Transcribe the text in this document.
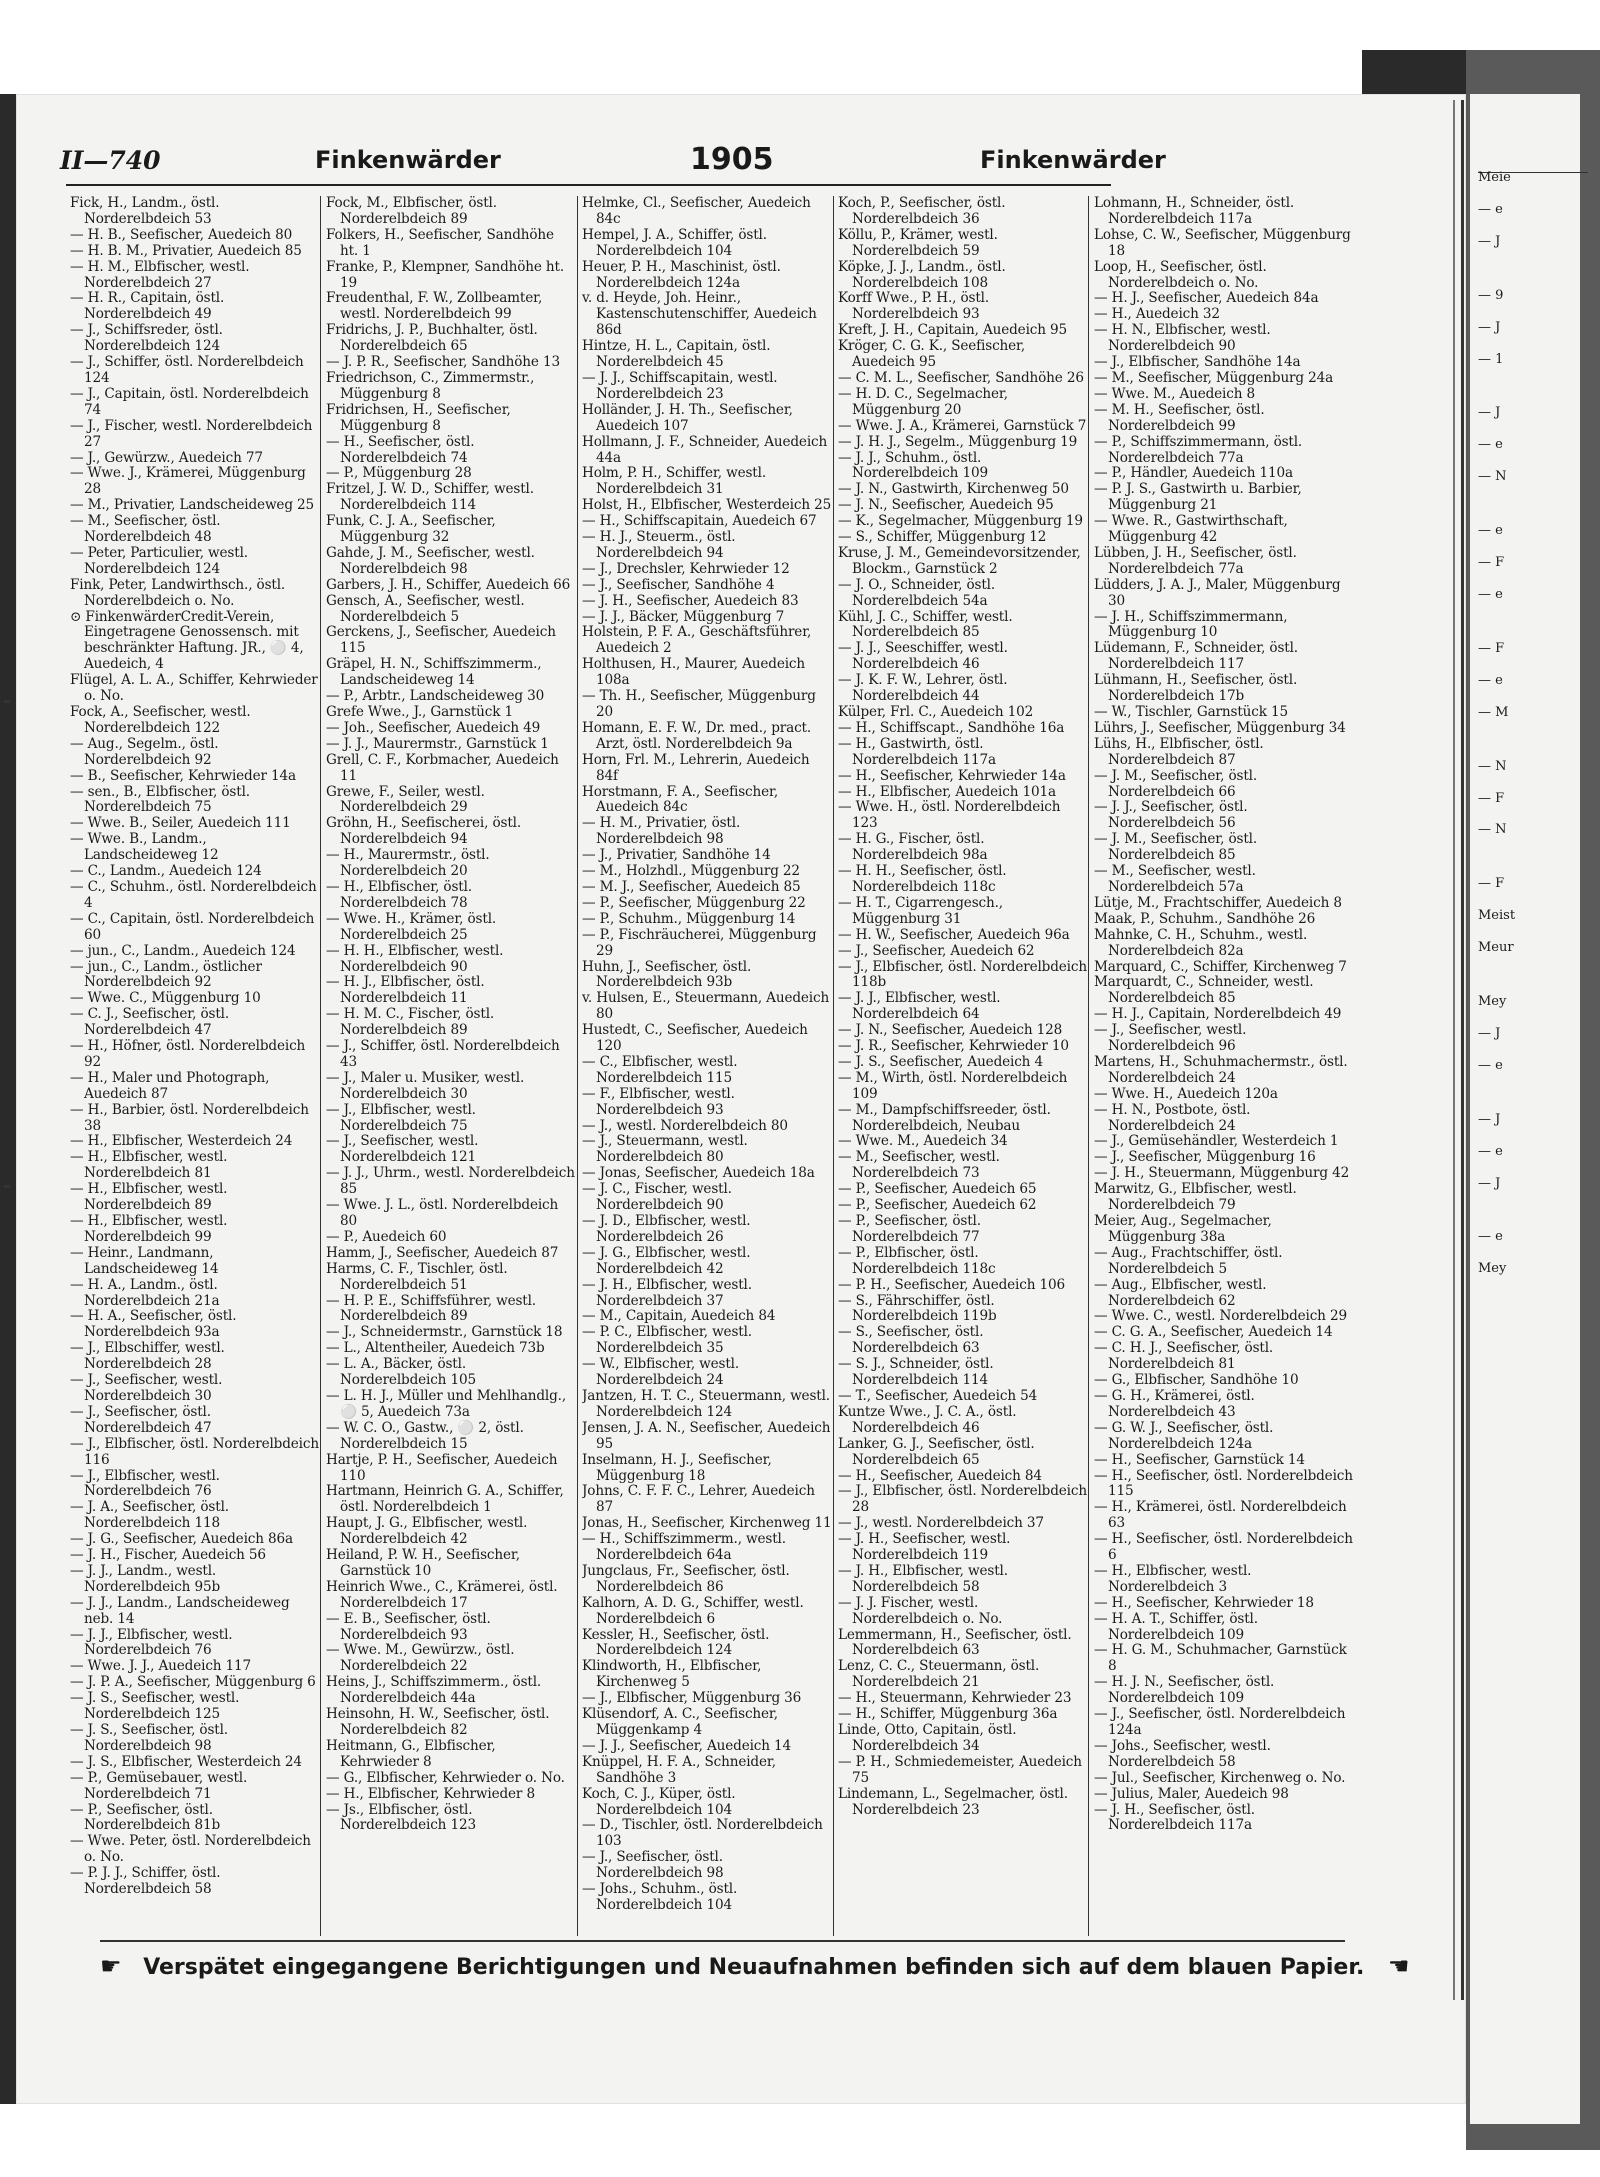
II—740	Finkenwärder	1905	Finkenwärder

Fick, H., Landm., östl. Norderelbdeich 53

— H. B., Seefischer, Auedeich 80

— H. B. M., Privatier, Auedeich 85

— H. M., Elbfischer, westl. Norderelbdeich 27

— H. R., Capitain, östl. Norderelbdeich 49

— J., Schiffsreder, östl. Norderelbdeich 124

— J., Schiffer, östl. Norderelbdeich 124

— J., Capitain, östl. Norderelbdeich 74

— J., Fischer, westl. Norderelbdeich 27

— J., Gewürzw., Auedeich 77

— Wwe. J., Krämerei, Müggenburg 28

— M., Privatier, Landscheideweg 25

— M., Seefischer, östl. Norderelbdeich 48

— Peter, Particulier, westl. Norderelbdeich 124

Fink, Peter, Landwirthsch., östl. Norderelbdeich o. No.

⊙ FinkenwärderCredit-Verein, Eingetragene Genossensch. mit beschränkter Haftung. JR., ⚪ 4, Auedeich, 4

Flügel, A. L. A., Schiffer, Kehrwieder o. No.

Fock, A., Seefischer, westl. Norderelbdeich 122

— Aug., Segelm., östl. Norderelbdeich 92

— B., Seefischer, Kehrwieder 14a

— sen., B., Elbfischer, östl. Norderelbdeich 75

— Wwe. B., Seiler, Auedeich 111

— Wwe. B., Landm., Landscheideweg 12

— C., Landm., Auedeich 124

— C., Schuhm., östl. Norderelbdeich 4

— C., Capitain, östl. Norderelbdeich 60

— jun., C., Landm., Auedeich 124

— jun., C., Landm., östlicher Norderelbdeich 92

— Wwe. C., Müggenburg 10

— C. J., Seefischer, östl. Norderelbdeich 47

— H., Höfner, östl. Norderelbdeich 92

— H., Maler und Photograph, Auedeich 87

— H., Barbier, östl. Norderelbdeich 38

— H., Elbfischer, Westerdeich 24

— H., Elbfischer, westl. Norderelbdeich 81

— H., Elbfischer, westl. Norderelbdeich 89

— H., Elbfischer, westl. Norderelbdeich 99

— Heinr., Landmann, Landscheideweg 14

— H. A., Landm., östl. Norderelbdeich 21a

— H. A., Seefischer, östl. Norderelbdeich 93a

— J., Elbschiffer, westl. Norderelbdeich 28

— J., Seefischer, westl. Norderelbdeich 30

— J., Seefischer, östl. Norderelbdeich 47

— J., Elbfischer, östl. Norderelbdeich 116

— J., Elbfischer, westl. Norderelbdeich 76

— J. A., Seefischer, östl. Norderelbdeich 118

— J. G., Seefischer, Auedeich 86a

— J. H., Fischer, Auedeich 56

— J. J., Landm., westl. Norderelbdeich 95b

— J. J., Landm., Landscheideweg neb. 14

— J. J., Elbfischer, westl. Norderelbdeich 76

— Wwe. J. J., Auedeich 117

— J. P. A., Seefischer, Müggenburg 6

— J. S., Seefischer, westl. Norderelbdeich 125

— J. S., Seefischer, östl. Norderelbdeich 98

— J. S., Elbfischer, Westerdeich 24

— P., Gemüsebauer, westl. Norderelbdeich 71

— P., Seefischer, östl. Norderelbdeich 81b

— Wwe. Peter, östl. Norderelbdeich o. No.

— P. J. J., Schiffer, östl. Norderelbdeich 58

Fock, M., Elbfischer, östl. Norderelbdeich 89

Folkers, H., Seefischer, Sandhöhe ht. 1

Franke, P., Klempner, Sandhöhe ht. 19

Freudenthal, F. W., Zollbeamter, westl. Norderelbdeich 99

Fridrichs, J. P., Buchhalter, östl. Norderelbdeich 65

— J. P. R., Seefischer, Sandhöhe 13

Friedrichson, C., Zimmermstr., Müggenburg 8

Fridrichsen, H., Seefischer, Müggenburg 8

— H., Seefischer, östl. Norderelbdeich 74

— P., Müggenburg 28

Fritzel, J. W. D., Schiffer, westl. Norderelbdeich 114

Funk, C. J. A., Seefischer, Müggenburg 32

Gahde, J. M., Seefischer, westl. Norderelbdeich 98

Garbers, J. H., Schiffer, Auedeich 66

Gensch, A., Seefischer, westl. Norderelbdeich 5

Gerckens, J., Seefischer, Auedeich 115

Gräpel, H. N., Schiffszimmerm., Landscheideweg 14

— P., Arbtr., Landscheideweg 30

Grefe Wwe., J., Garnstück 1

— Joh., Seefischer, Auedeich 49

— J. J., Maurermstr., Garnstück 1

Grell, C. F., Korbmacher, Auedeich 11

Grewe, F., Seiler, westl. Norderelbdeich 29

Gröhn, H., Seefischerei, östl. Norderelbdeich 94

— H., Maurermstr., östl. Norderelbdeich 20

— H., Elbfischer, östl. Norderelbdeich 78

— Wwe. H., Krämer, östl. Norderelbdeich 25

— H. H., Elbfischer, westl. Norderelbdeich 90

— H. J., Elbfischer, östl. Norderelbdeich 11

— H. M. C., Fischer, östl. Norderelbdeich 89

— J., Schiffer, östl. Norderelbdeich 43

— J., Maler u. Musiker, westl. Norderelbdeich 30

— J., Elbfischer, westl. Norderelbdeich 75

— J., Seefischer, westl. Norderelbdeich 121

— J. J., Uhrm., westl. Norderelbdeich 85

— Wwe. J. L., östl. Norderelbdeich 80

— P., Auedeich 60

Hamm, J., Seefischer, Auedeich 87

Harms, C. F., Tischler, östl. Norderelbdeich 51

— H. P. E., Schiffsführer, westl. Norderelbdeich 89

— J., Schneidermstr., Garnstück 18

— L., Altentheiler, Auedeich 73b

— L. A., Bäcker, östl. Norderelbdeich 105

— L. H. J., Müller und Mehlhandlg., ⚪ 5, Auedeich 73a

— W. C. O., Gastw., ⚪ 2, östl. Norderelbdeich 15

Hartje, P. H., Seefischer, Auedeich 110

Hartmann, Heinrich G. A., Schiffer, östl. Norderelbdeich 1

Haupt, J. G., Elbfischer, westl. Norderelbdeich 42

Heiland, P. W. H., Seefischer, Garnstück 10

Heinrich Wwe., C., Krämerei, östl. Norderelbdeich 17

— E. B., Seefischer, östl. Norderelbdeich 93

— Wwe. M., Gewürzw., östl. Norderelbdeich 22

Heins, J., Schiffszimmerm., östl. Norderelbdeich 44a

Heinsohn, H. W., Seefischer, östl. Norderelbdeich 82

Heitmann, G., Elbfischer, Kehrwieder 8

— G., Elbfischer, Kehrwieder o. No.

— H., Elbfischer, Kehrwieder 8

— Js., Elbfischer, östl. Norderelbdeich 123

Helmke, Cl., Seefischer, Auedeich 84c

Hempel, J. A., Schiffer, östl. Norderelbdeich 104

Heuer, P. H., Maschinist, östl. Norderelbdeich 124a

v. d. Heyde, Joh. Heinr., Kastenschutenschiffer, Auedeich 86d

Hintze, H. L., Capitain, östl. Norderelbdeich 45

— J. J., Schiffscapitain, westl. Norderelbdeich 23

Holländer, J. H. Th., Seefischer, Auedeich 107

Hollmann, J. F., Schneider, Auedeich 44a

Holm, P. H., Schiffer, westl. Norderelbdeich 31

Holst, H., Elbfischer, Westerdeich 25

— H., Schiffscapitain, Auedeich 67

— H. J., Steuerm., östl. Norderelbdeich 94

— J., Drechsler, Kehrwieder 12

— J., Seefischer, Sandhöhe 4

— J. H., Seefischer, Auedeich 83

— J. J., Bäcker, Müggenburg 7

Holstein, P. F. A., Geschäftsführer, Auedeich 2

Holthusen, H., Maurer, Auedeich 108a

— Th. H., Seefischer, Müggenburg 20

Homann, E. F. W., Dr. med., pract. Arzt, östl. Norderelbdeich 9a

Horn, Frl. M., Lehrerin, Auedeich 84f

Horstmann, F. A., Seefischer, Auedeich 84c

— H. M., Privatier, östl. Norderelbdeich 98

— J., Privatier, Sandhöhe 14

— M., Holzhdl., Müggenburg 22

— M. J., Seefischer, Auedeich 85

— P., Seefischer, Müggenburg 22

— P., Schuhm., Müggenburg 14

— P., Fischräucherei, Müggenburg 29

Huhn, J., Seefischer, östl. Norderelbdeich 93b

v. Hulsen, E., Steuermann, Auedeich 80

Hustedt, C., Seefischer, Auedeich 120

— C., Elbfischer, westl. Norderelbdeich 115

— F., Elbfischer, westl. Norderelbdeich 93

— J., westl. Norderelbdeich 80

— J., Steuermann, westl. Norderelbdeich 80

— Jonas, Seefischer, Auedeich 18a

— J. C., Fischer, westl. Norderelbdeich 90

— J. D., Elbfischer, westl. Norderelbdeich 26

— J. G., Elbfischer, westl. Norderelbdeich 42

— J. H., Elbfischer, westl. Norderelbdeich 37

— M., Capitain, Auedeich 84

— P. C., Elbfischer, westl. Norderelbdeich 35

— W., Elbfischer, westl. Norderelbdeich 24

Jantzen, H. T. C., Steuermann, westl. Norderelbdeich 124

Jensen, J. A. N., Seefischer, Auedeich 95

Inselmann, H. J., Seefischer, Müggenburg 18

Johns, C. F. F. C., Lehrer, Auedeich 87

Jonas, H., Seefischer, Kirchenweg 11

— H., Schiffszimmerm., westl. Norderelbdeich 64a

Jungclaus, Fr., Seefischer, östl. Norderelbdeich 86

Kalhorn, A. D. G., Schiffer, westl. Norderelbdeich 6

Kessler, H., Seefischer, östl. Norderelbdeich 124

Klindworth, H., Elbfischer, Kirchenweg 5

— J., Elbfischer, Müggenburg 36

Klüsendorf, A. C., Seefischer, Müggenkamp 4

— J. J., Seefischer, Auedeich 14

Knüppel, H. F. A., Schneider, Sandhöhe 3

Koch, C. J., Küper, östl. Norderelbdeich 104

— D., Tischler, östl. Norderelbdeich 103

— J., Seefischer, östl. Norderelbdeich 98

— Johs., Schuhm., östl. Norderelbdeich 104

Koch, P., Seefischer, östl. Norderelbdeich 36

Köllu, P., Krämer, westl. Norderelbdeich 59

Köpke, J. J., Landm., östl. Norderelbdeich 108

Korff Wwe., P. H., östl. Norderelbdeich 93

Kreft, J. H., Capitain, Auedeich 95

Kröger, C. G. K., Seefischer, Auedeich 95

— C. M. L., Seefischer, Sandhöhe 26

— H. D. C., Segelmacher, Müggenburg 20

— Wwe. J. A., Krämerei, Garnstück 7

— J. H. J., Segelm., Müggenburg 19

— J. J., Schuhm., östl. Norderelbdeich 109

— J. N., Gastwirth, Kirchenweg 50

— J. N., Seefischer, Auedeich 95

— K., Segelmacher, Müggenburg 19

— S., Schiffer, Müggenburg 12

Kruse, J. M., Gemeindevorsitzender, Blockm., Garnstück 2

— J. O., Schneider, östl. Norderelbdeich 54a

Kühl, J. C., Schiffer, westl. Norderelbdeich 85

— J. J., Seeschiffer, westl. Norderelbdeich 46

— J. K. F. W., Lehrer, östl. Norderelbdeich 44

Külper, Frl. C., Auedeich 102

— H., Schiffscapt., Sandhöhe 16a

— H., Gastwirth, östl. Norderelbdeich 117a

— H., Seefischer, Kehrwieder 14a

— H., Elbfischer, Auedeich 101a

— Wwe. H., östl. Norderelbdeich 123

— H. G., Fischer, östl. Norderelbdeich 98a

— H. H., Seefischer, östl. Norderelbdeich 118c

— H. T., Cigarrengesch., Müggenburg 31

— H. W., Seefischer, Auedeich 96a

— J., Seefischer, Auedeich 62

— J., Elbfischer, östl. Norderelbdeich 118b

— J. J., Elbfischer, westl. Norderelbdeich 64

— J. N., Seefischer, Auedeich 128

— J. R., Seefischer, Kehrwieder 10

— J. S., Seefischer, Auedeich 4

— M., Wirth, östl. Norderelbdeich 109

— M., Dampfschiffsreeder, östl. Norderelbdeich, Neubau

— Wwe. M., Auedeich 34

— M., Seefischer, westl. Norderelbdeich 73

— P., Seefischer, Auedeich 65

— P., Seefischer, Auedeich 62

— P., Seefischer, östl. Norderelbdeich 77

— P., Elbfischer, östl. Norderelbdeich 118c

— P. H., Seefischer, Auedeich 106

— S., Fährschiffer, östl. Norderelbdeich 119b

— S., Seefischer, östl. Norderelbdeich 63

— S. J., Schneider, östl. Norderelbdeich 114

— T., Seefischer, Auedeich 54

Kuntze Wwe., J. C. A., östl. Norderelbdeich 46

Lanker, G. J., Seefischer, östl. Norderelbdeich 65

— H., Seefischer, Auedeich 84

— J., Elbfischer, östl. Norderelbdeich 28

— J., westl. Norderelbdeich 37

— J. H., Seefischer, westl. Norderelbdeich 119

— J. H., Elbfischer, westl. Norderelbdeich 58

— J. J. Fischer, westl. Norderelbdeich o. No.

Lemmermann, H., Seefischer, östl. Norderelbdeich 63

Lenz, C. C., Steuermann, östl. Norderelbdeich 21

— H., Steuermann, Kehrwieder 23

— H., Schiffer, Müggenburg 36a

Linde, Otto, Capitain, östl. Norderelbdeich 34

— P. H., Schmiedemeister, Auedeich 75

Lindemann, L., Segelmacher, östl. Norderelbdeich 23

Lohmann, H., Schneider, östl. Norderelbdeich 117a

Lohse, C. W., Seefischer, Müggenburg 18

Loop, H., Seefischer, östl. Norderelbdeich o. No.

— H. J., Seefischer, Auedeich 84a

— H., Auedeich 32

— H. N., Elbfischer, westl. Norderelbdeich 90

— J., Elbfischer, Sandhöhe 14a

— M., Seefischer, Müggenburg 24a

— Wwe. M., Auedeich 8

— M. H., Seefischer, östl. Norderelbdeich 99

— P., Schiffszimmermann, östl. Norderelbdeich 77a

— P., Händler, Auedeich 110a

— P. J. S., Gastwirth u. Barbier, Müggenburg 21

— Wwe. R., Gastwirthschaft, Müggenburg 42

Lübben, J. H., Seefischer, östl. Norderelbdeich 77a

Lüdders, J. A. J., Maler, Müggenburg 30

— J. H., Schiffszimmermann, Müggenburg 10

Lüdemann, F., Schneider, östl. Norderelbdeich 117

Lühmann, H., Seefischer, östl. Norderelbdeich 17b

— W., Tischler, Garnstück 15

Lührs, J., Seefischer, Müggenburg 34

Lühs, H., Elbfischer, östl. Norderelbdeich 87

— J. M., Seefischer, östl. Norderelbdeich 66

— J. J., Seefischer, östl. Norderelbdeich 56

— J. M., Seefischer, östl. Norderelbdeich 85

— M., Seefischer, westl. Norderelbdeich 57a

Lütje, M., Frachtschiffer, Auedeich 8

Maak, P., Schuhm., Sandhöhe 26

Mahnke, C. H., Schuhm., westl. Norderelbdeich 82a

Marquard, C., Schiffer, Kirchenweg 7

Marquardt, C., Schneider, westl. Norderelbdeich 85

— H. J., Capitain, Norderelbdeich 49

— J., Seefischer, westl. Norderelbdeich 96

Martens, H., Schuhmachermstr., östl. Norderelbdeich 24

— Wwe. H., Auedeich 120a

— H. N., Postbote, östl. Norderelbdeich 24

— J., Gemüsehändler, Westerdeich 1

— J., Seefischer, Müggenburg 16

— J. H., Steuermann, Müggenburg 42

Marwitz, G., Elbfischer, westl. Norderelbdeich 79

Meier, Aug., Segelmacher, Müggenburg 38a

— Aug., Frachtschiffer, östl. Norderelbdeich 5

— Aug., Elbfischer, westl. Norderelbdeich 62

— Wwe. C., westl. Norderelbdeich 29

— C. G. A., Seefischer, Auedeich 14

— C. H. J., Seefischer, östl. Norderelbdeich 81

— G., Elbfischer, Sandhöhe 10

— G. H., Krämerei, östl. Norderelbdeich 43

— G. W. J., Seefischer, östl. Norderelbdeich 124a

— H., Seefischer, Garnstück 14

— H., Seefischer, östl. Norderelbdeich 115

— H., Krämerei, östl. Norderelbdeich 63

— H., Seefischer, östl. Norderelbdeich 6

— H., Elbfischer, westl. Norderelbdeich 3

— H., Seefischer, Kehrwieder 18

— H. A. T., Schiffer, östl. Norderelbdeich 109

— H. G. M., Schuhmacher, Garnstück 8

— H. J. N., Seefischer, östl. Norderelbdeich 109

— J., Seefischer, östl. Norderelbdeich 124a

— Johs., Seefischer, westl. Norderelbdeich 58

— Jul., Seefischer, Kirchenweg o. No.

— Julius, Maler, Auedeich 98

— J. H., Seefischer, östl. Norderelbdeich 117a

Meie
— e
— J
— 9
— J
— 1
— J
— e
— N
— e
— F
— e
— F
— e
— M
— N
— F
— N
— F
Meist
Meur
Mey
— J
— e
— J
— e
— J
— e
Mey
☛ Verspätet eingegangene Berichtigungen und Neuaufnahmen befinden sich auf dem blauen Papier. ☛
